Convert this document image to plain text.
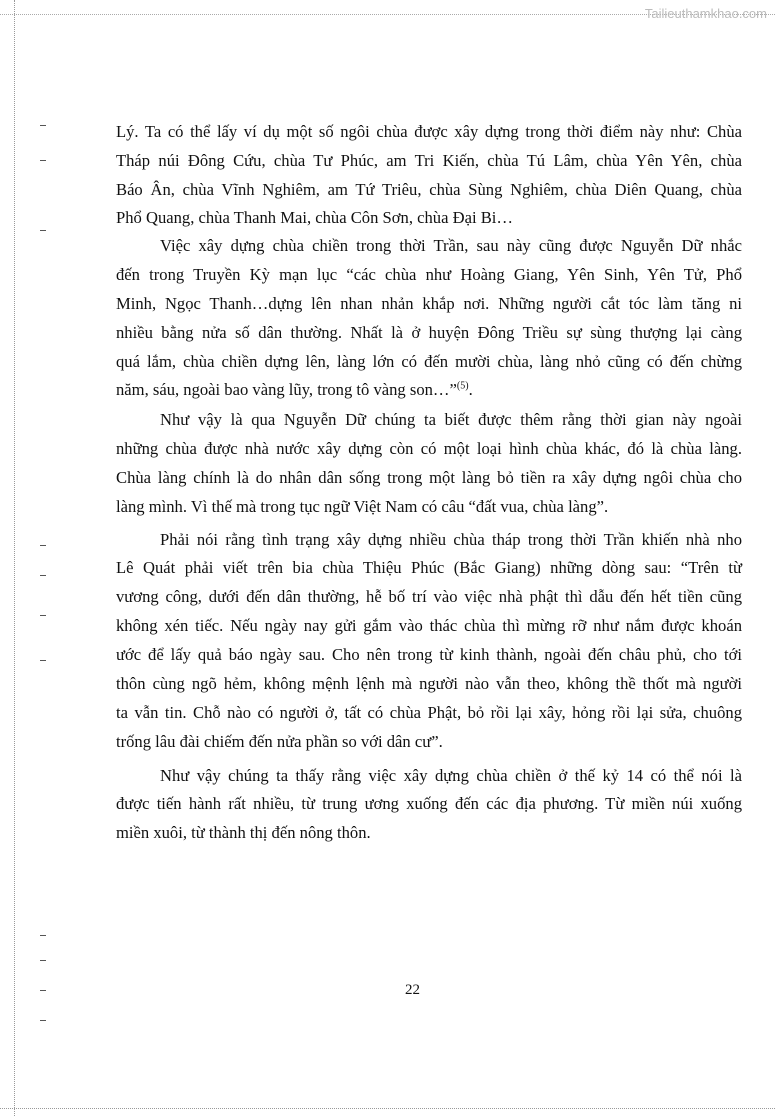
Tailieuthamkhao.com
Lý. Ta có thể lấy ví dụ một số ngôi chùa được xây dựng trong thời điểm này như: Chùa
Tháp núi Đông Cứu, chùa Tư Phúc, am Tri Kiến, chùa Tú Lâm, chùa Yên Yên, chùa
Báo Ân, chùa Vĩnh Nghiêm, am Tứ Triêu, chùa Sùng Nghiêm, chùa Diên Quang, chùa
Phổ Quang, chùa Thanh Mai, chùa Côn Sơn, chùa Đại Bi…
Việc xây dựng chùa chiền trong thời Trần, sau này cũng được Nguyễn Dữ nhắc
đến trong Truyền Kỳ mạn lục “các chùa như Hoàng Giang, Yên Sinh, Yên Tử, Phổ
Minh, Ngọc Thanh…dựng lên nhan nhản khắp nơi. Những người cắt tóc làm tăng ni
nhiều bằng nửa số dân thường. Nhất là ở huyện Đông Triều sự sùng thượng lại càng
quá lắm, chùa chiền dựng lên, làng lớn có đến mười chùa, làng nhỏ cũng có đến chừng
năm, sáu, ngoài bao vàng lũy, trong tô vàng son…”$^{(5)}$.
Như vậy là qua Nguyễn Dữ chúng ta biết được thêm rằng thời gian này ngoài
những chùa được nhà nước xây dựng còn có một loại hình chùa khác, đó là chùa làng.
Chùa làng chính là do nhân dân sống trong một làng bỏ tiền ra xây dựng ngôi chùa cho
làng mình. Vì thế mà trong tục ngữ Việt Nam có câu “đất vua, chùa làng”.
Phải nói rằng tình trạng xây dựng nhiều chùa tháp trong thời Trần khiến nhà nho
Lê Quát phải viết trên bia chùa Thiệu Phúc (Bắc Giang) những dòng sau: “Trên từ
vương công, dưới đến dân thường, hễ bố trí vào việc nhà phật thì dẫu đến hết tiền cũng
không xén tiếc. Nếu ngày nay gửi gắm vào thác chùa thì mừng rỡ như nắm được khoán
ước để lấy quả báo ngày sau. Cho nên trong từ kinh thành, ngoài đến châu phủ, cho tới
thôn cùng ngõ hẻm, không mệnh lệnh mà người nào vẫn theo, không thề thốt mà người
ta vẫn tin. Chỗ nào có người ở, tất có chùa Phật, bỏ rồi lại xây, hỏng rồi lại sửa, chuông
trống lâu đài chiếm đến nửa phần so với dân cư”.
Như vậy chúng ta thấy rằng việc xây dựng chùa chiền ở thế kỷ 14 có thể nói là
được tiến hành rất nhiều, từ trung ương xuống đến các địa phương. Từ miền núi xuống
miền xuôi, từ thành thị đến nông thôn.
22
